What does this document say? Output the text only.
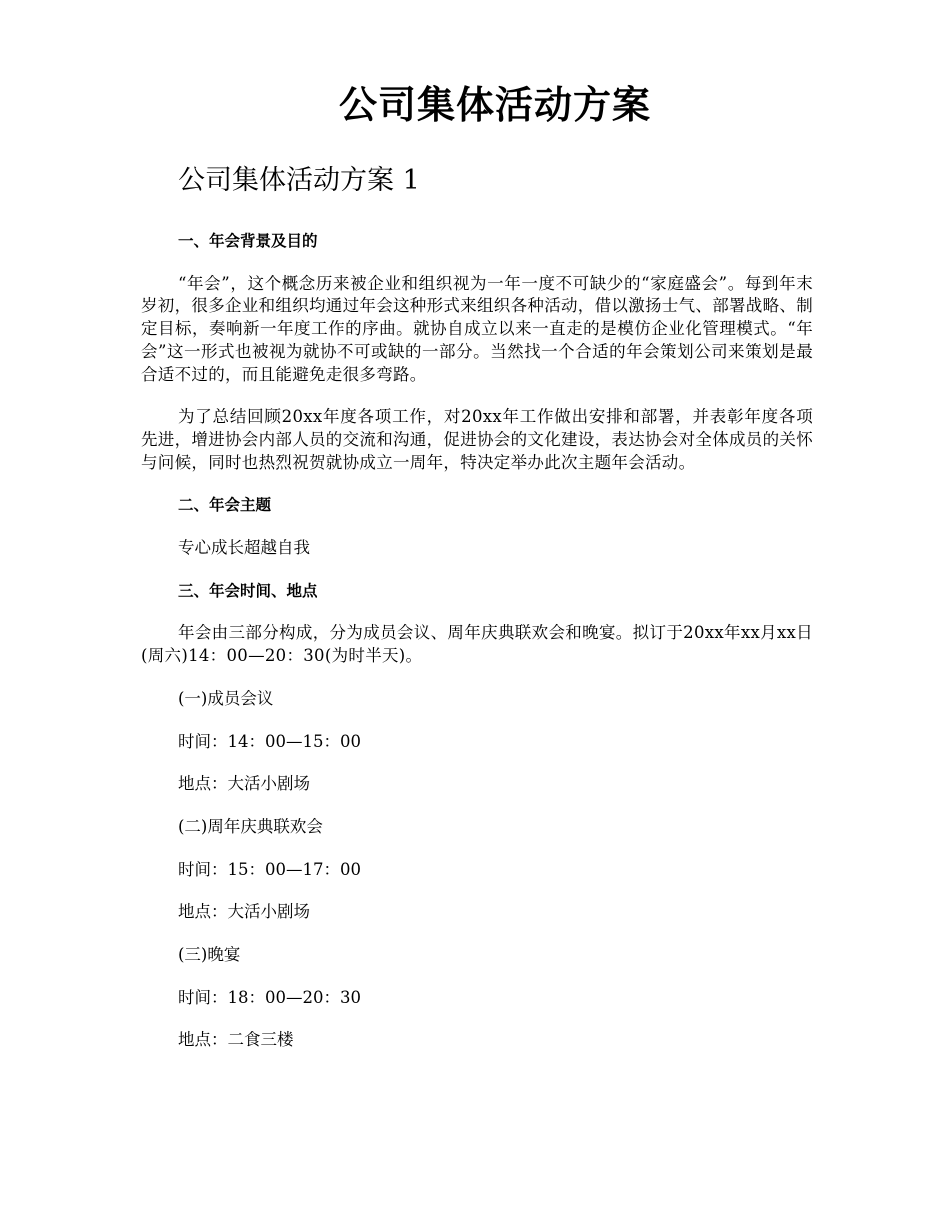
公司集体活动方案
公司集体活动方案 1

一、年会背景及目的

“年会”，这个概念历来被企业和组织视为一年一度不可缺少的“家庭盛会”。每到年末岁初，很多企业和组织均通过年会这种形式来组织各种活动，借以激扬士气、部署战略、制定目标，奏响新一年度工作的序曲。就协自成立以来一直走的是模仿企业化管理模式。“年会”这一形式也被视为就协不可或缺的一部分。当然找一个合适的年会策划公司来策划是最合适不过的，而且能避免走很多弯路。

为了总结回顾20xx年度各项工作，对20xx年工作做出安排和部署，并表彰年度各项先进，增进协会内部人员的交流和沟通，促进协会的文化建设，表达协会对全体成员的关怀与问候，同时也热烈祝贺就协成立一周年，特决定举办此次主题年会活动。

二、年会主题

专心成长超越自我

三、年会时间、地点

年会由三部分构成，分为成员会议、周年庆典联欢会和晚宴。拟订于20xx年xx月xx日(周六)14：00—20：30(为时半天)。

(一)成员会议

时间：14：00—15：00

地点：大活小剧场

(二)周年庆典联欢会

时间：15：00—17：00

地点：大活小剧场

(三)晚宴

时间：18：00—20：30

地点：二食三楼
